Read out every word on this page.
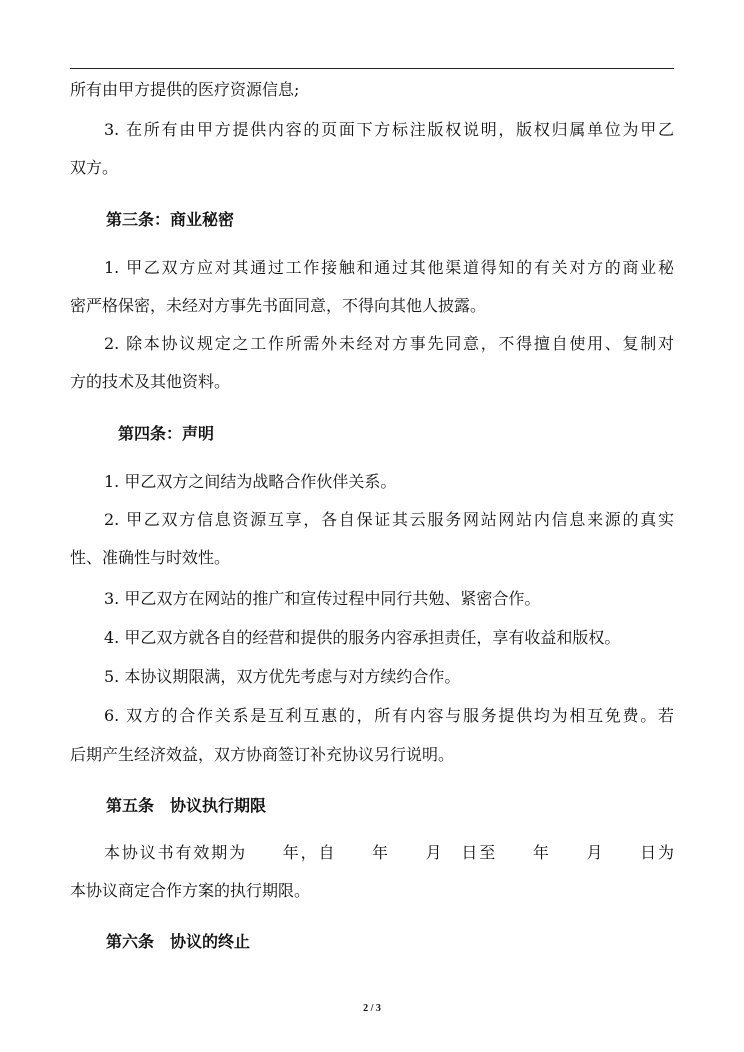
所有由甲方提供的医疗资源信息;
3. 在所有由甲方提供内容的页面下方标注版权说明，版权归属单位为甲乙
双方。
第三条：商业秘密
1. 甲乙双方应对其通过工作接触和通过其他渠道得知的有关对方的商业秘
密严格保密，未经对方事先书面同意，不得向其他人披露。
2. 除本协议规定之工作所需外未经对方事先同意，不得擅自使用、复制对
方的技术及其他资料。
第四条：声明
1. 甲乙双方之间结为战略合作伙伴关系。
2. 甲乙双方信息资源互享，各自保证其云服务网站网站内信息来源的真实
性、准确性与时效性。
3. 甲乙双方在网站的推广和宣传过程中同行共勉、紧密合作。
4. 甲乙双方就各自的经营和提供的服务内容承担责任，享有收益和版权。
5. 本协议期限满，双方优先考虑与对方续约合作。
6. 双方的合作关系是互利互惠的，所有内容与服务提供均为相互免费。若
后期产生经济效益，双方协商签订补充协议另行说明。
第五条　协议执行期限
本协议书有效期为　　年，自　　年　　月　日至　　年　　月　　日为
本协议商定合作方案的执行期限。
第六条　协议的终止
2 / 3
